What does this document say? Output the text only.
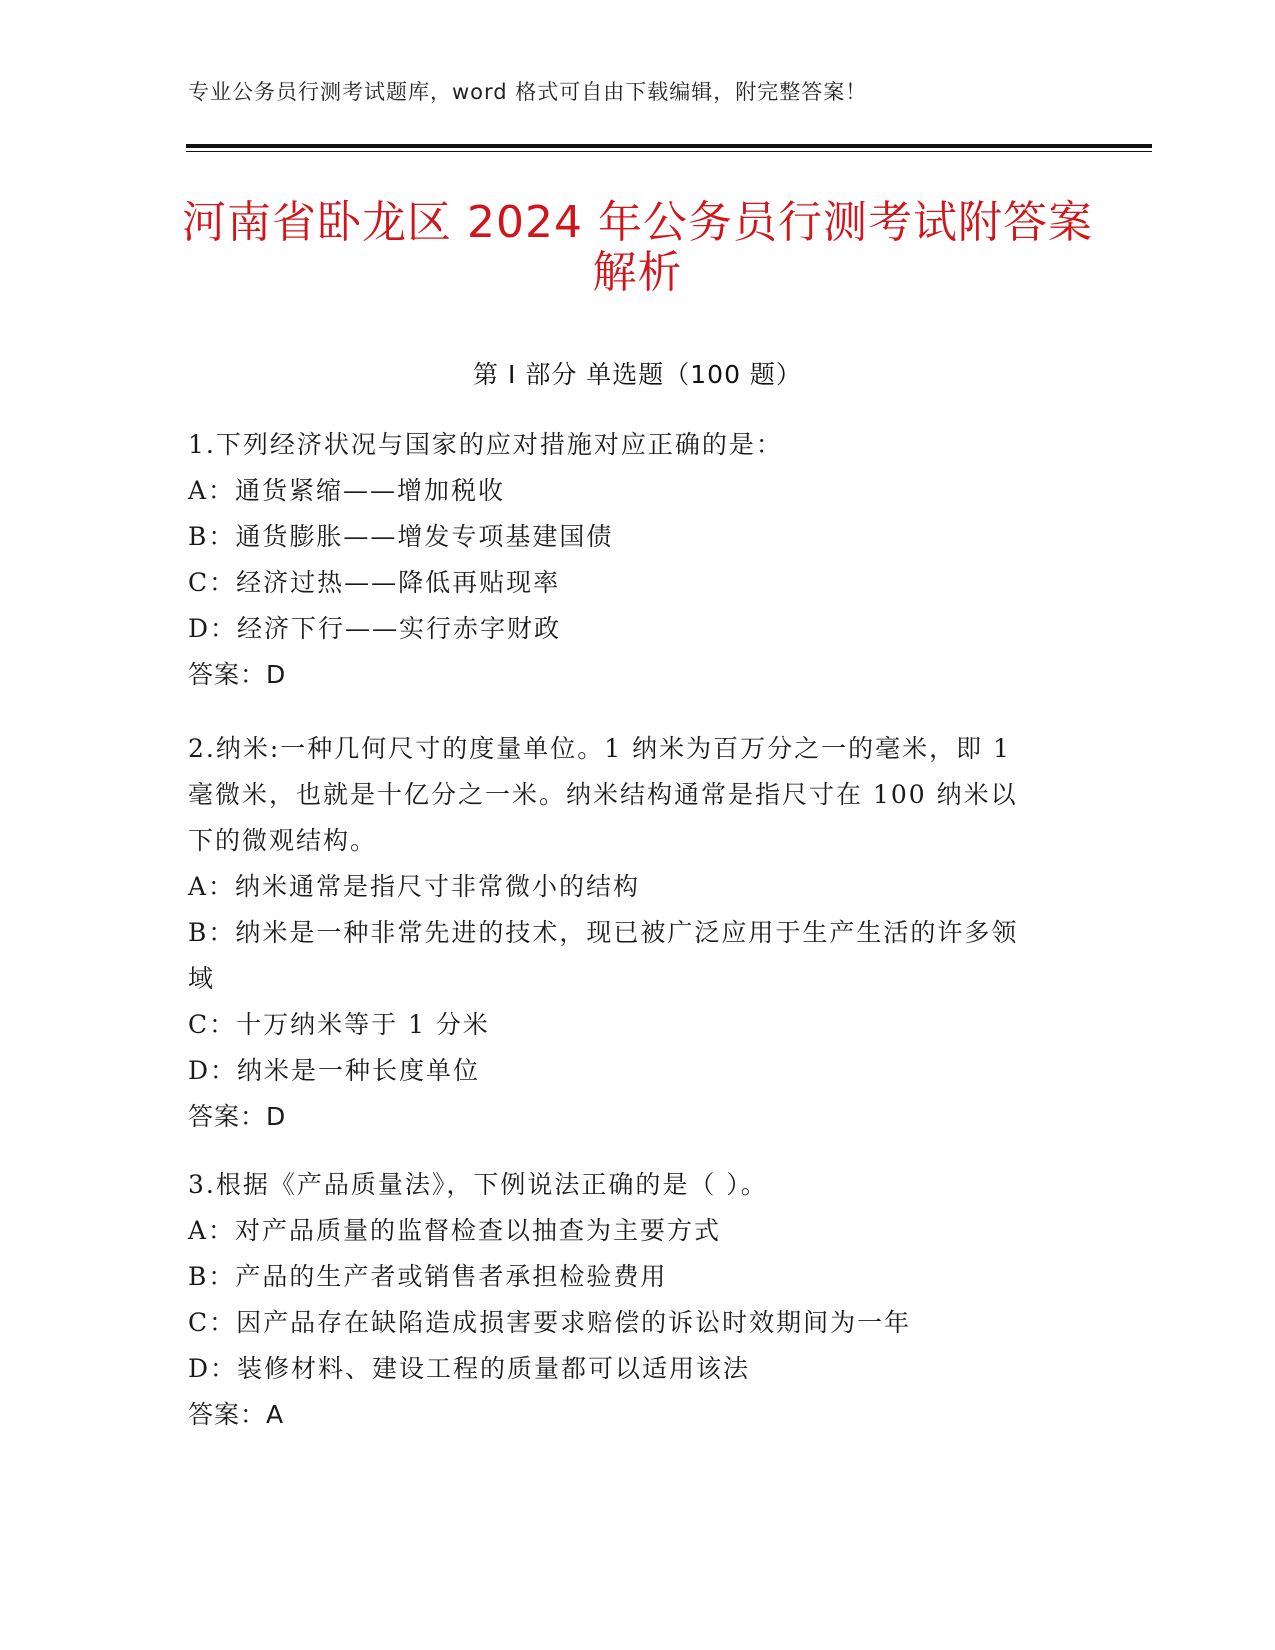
专业公务员行测考试题库，word 格式可自由下载编辑，附完整答案！
河南省卧龙区 2024 年公务员行测考试附答案
解析
第 I 部分 单选题（100 题）
1.下列经济状况与国家的应对措施对应正确的是：
A：通货紧缩——增加税收
B：通货膨胀——增发专项基建国债
C：经济过热——降低再贴现率
D：经济下行——实行赤字财政
答案：D
2.纳米:一种几何尺寸的度量单位。1 纳米为百万分之一的毫米，即 1
毫微米，也就是十亿分之一米。纳米结构通常是指尺寸在 100 纳米以
下的微观结构。
A：纳米通常是指尺寸非常微小的结构
B：纳米是一种非常先进的技术，现已被广泛应用于生产生活的许多领
域
C：十万纳米等于 1 分米
D：纳米是一种长度单位
答案：D
3.根据《产品质量法》，下例说法正确的是（ ）。
A：对产品质量的监督检查以抽查为主要方式
B：产品的生产者或销售者承担检验费用
C：因产品存在缺陷造成损害要求赔偿的诉讼时效期间为一年
D：装修材料、建设工程的质量都可以适用该法
答案：A
